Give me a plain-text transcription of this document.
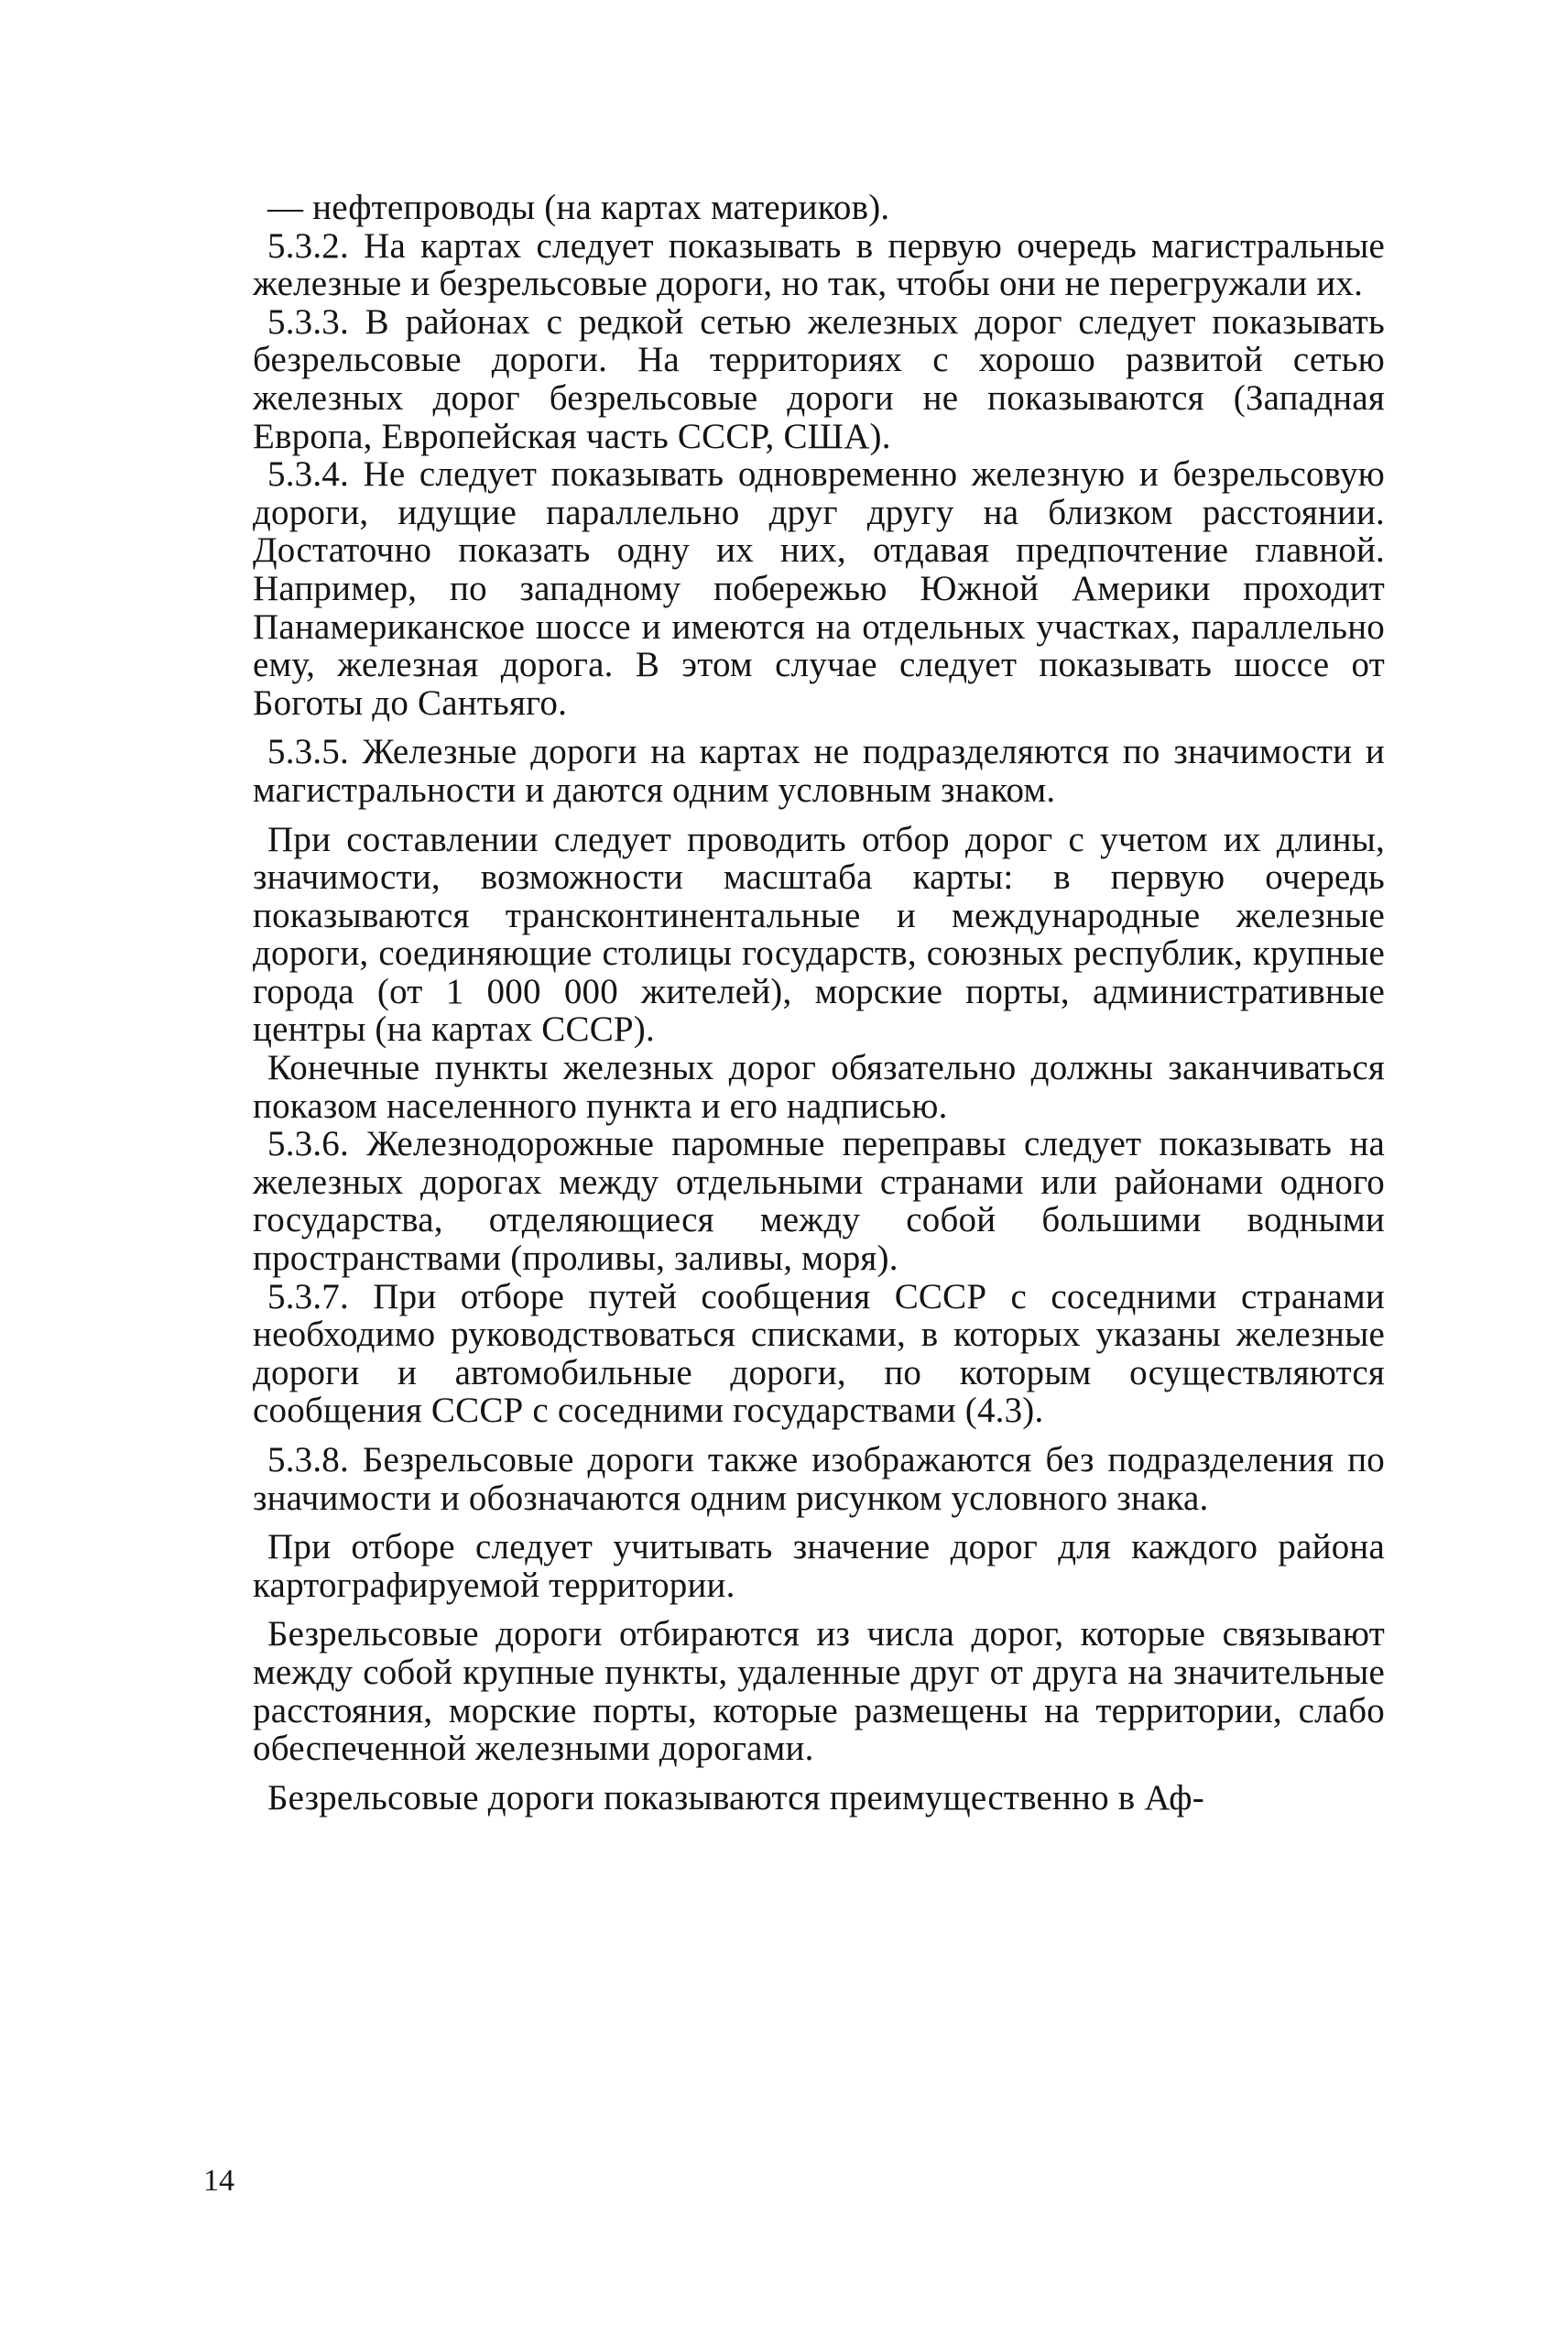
— нефтепроводы (на картах материков).

5.3.2. На картах следует показывать в первую очередь магистральные железные и безрельсовые дороги, но так, чтобы они не перегружали их.

5.3.3. В районах с редкой сетью железных дорог следует показывать безрельсовые дороги. На территориях с хорошо развитой сетью железных дорог безрельсовые дороги не показываются (Западная Европа, Европейская часть СССР, США).

5.3.4. Не следует показывать одновременно железную и безрельсовую дороги, идущие параллельно друг другу на близком расстоянии. Достаточно показать одну их них, отдавая предпочтение главной. Например, по западному побережью Южной Америки проходит Панамериканское шоссе и имеются на отдельных участках, параллельно ему, железная дорога. В этом случае следует показывать шоссе от Боготы до Сантьяго.

5.3.5. Железные дороги на картах не подразделяются по значимости и магистральности и даются одним условным знаком.

При составлении следует проводить отбор дорог с учетом их длины, значимости, возможности масштаба карты: в первую очередь показываются трансконтинентальные и международные железные дороги, соединяющие столицы государств, союзных республик, крупные города (от 1 000 000 жителей), морские порты, административные центры (на картах СССР).

Конечные пункты железных дорог обязательно должны заканчиваться показом населенного пункта и его надписью.

5.3.6. Железнодорожные паромные переправы следует показывать на железных дорогах между отдельными странами или районами одного государства, отделяющиеся между собой большими водными пространствами (проливы, заливы, моря).

5.3.7. При отборе путей сообщения СССР с соседними странами необходимо руководствоваться списками, в которых указаны железные дороги и автомобильные дороги, по которым осуществляются сообщения СССР с соседними государствами (4.3).

5.3.8. Безрельсовые дороги также изображаются без подразделения по значимости и обозначаются одним рисунком условного знака.

При отборе следует учитывать значение дорог для каждого района картографируемой территории.

Безрельсовые дороги отбираются из числа дорог, которые связывают между собой крупные пункты, удаленные друг от друга на значительные расстояния, морские порты, которые размещены на территории, слабо обеспеченной железными дорогами.

Безрельсовые дороги показываются преимущественно в Аф-

14
